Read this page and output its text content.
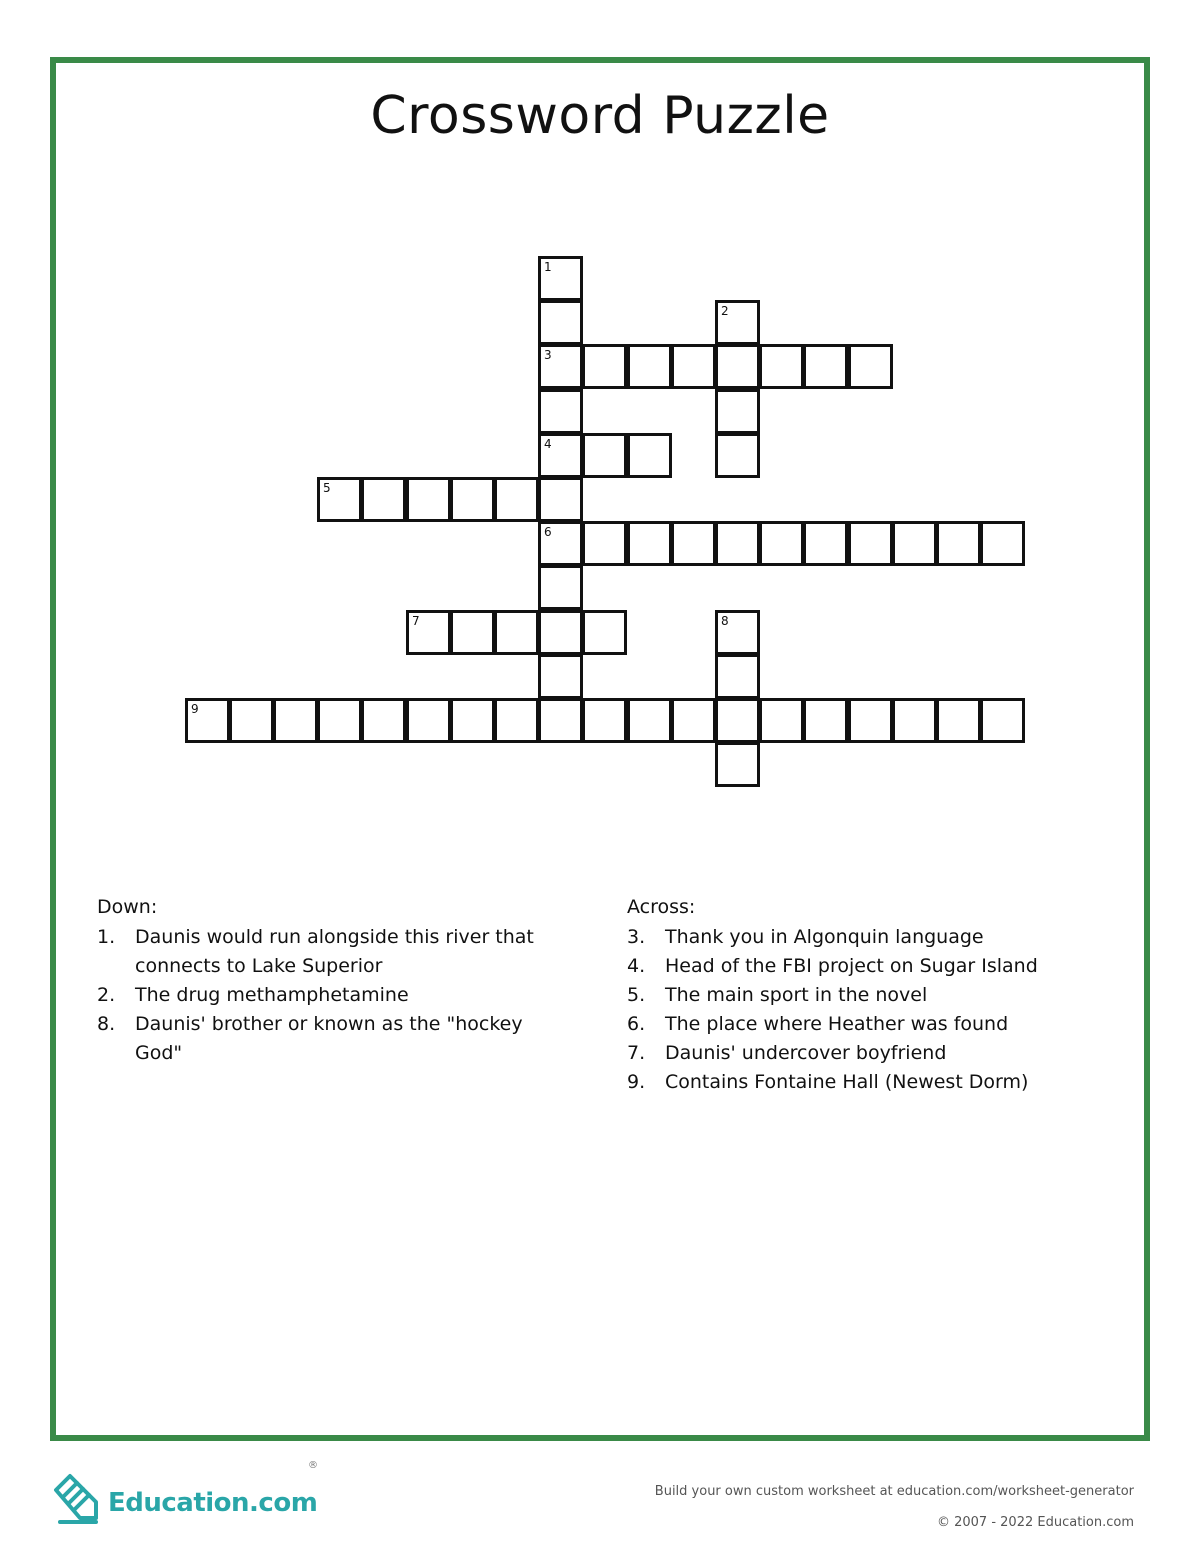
Crossword Puzzle
1
3
4
6
2
5
7	8
9
Down:
1.	Daunis would run alongside this river that connects to Lake Superior
2.	The drug methamphetamine
8.	Daunis' brother or known as the "hockey God"
Across:
3.	Thank you in Algonquin language
4.	Head of the FBI project on Sugar Island
5.	The main sport in the novel
6.	The place where Heather was found
7.	Daunis' undercover boyfriend
9.	Contains Fontaine Hall (Newest Dorm)
Education.com
®
Build your own custom worksheet at education.com/worksheet-generator
© 2007 - 2022 Education.com
